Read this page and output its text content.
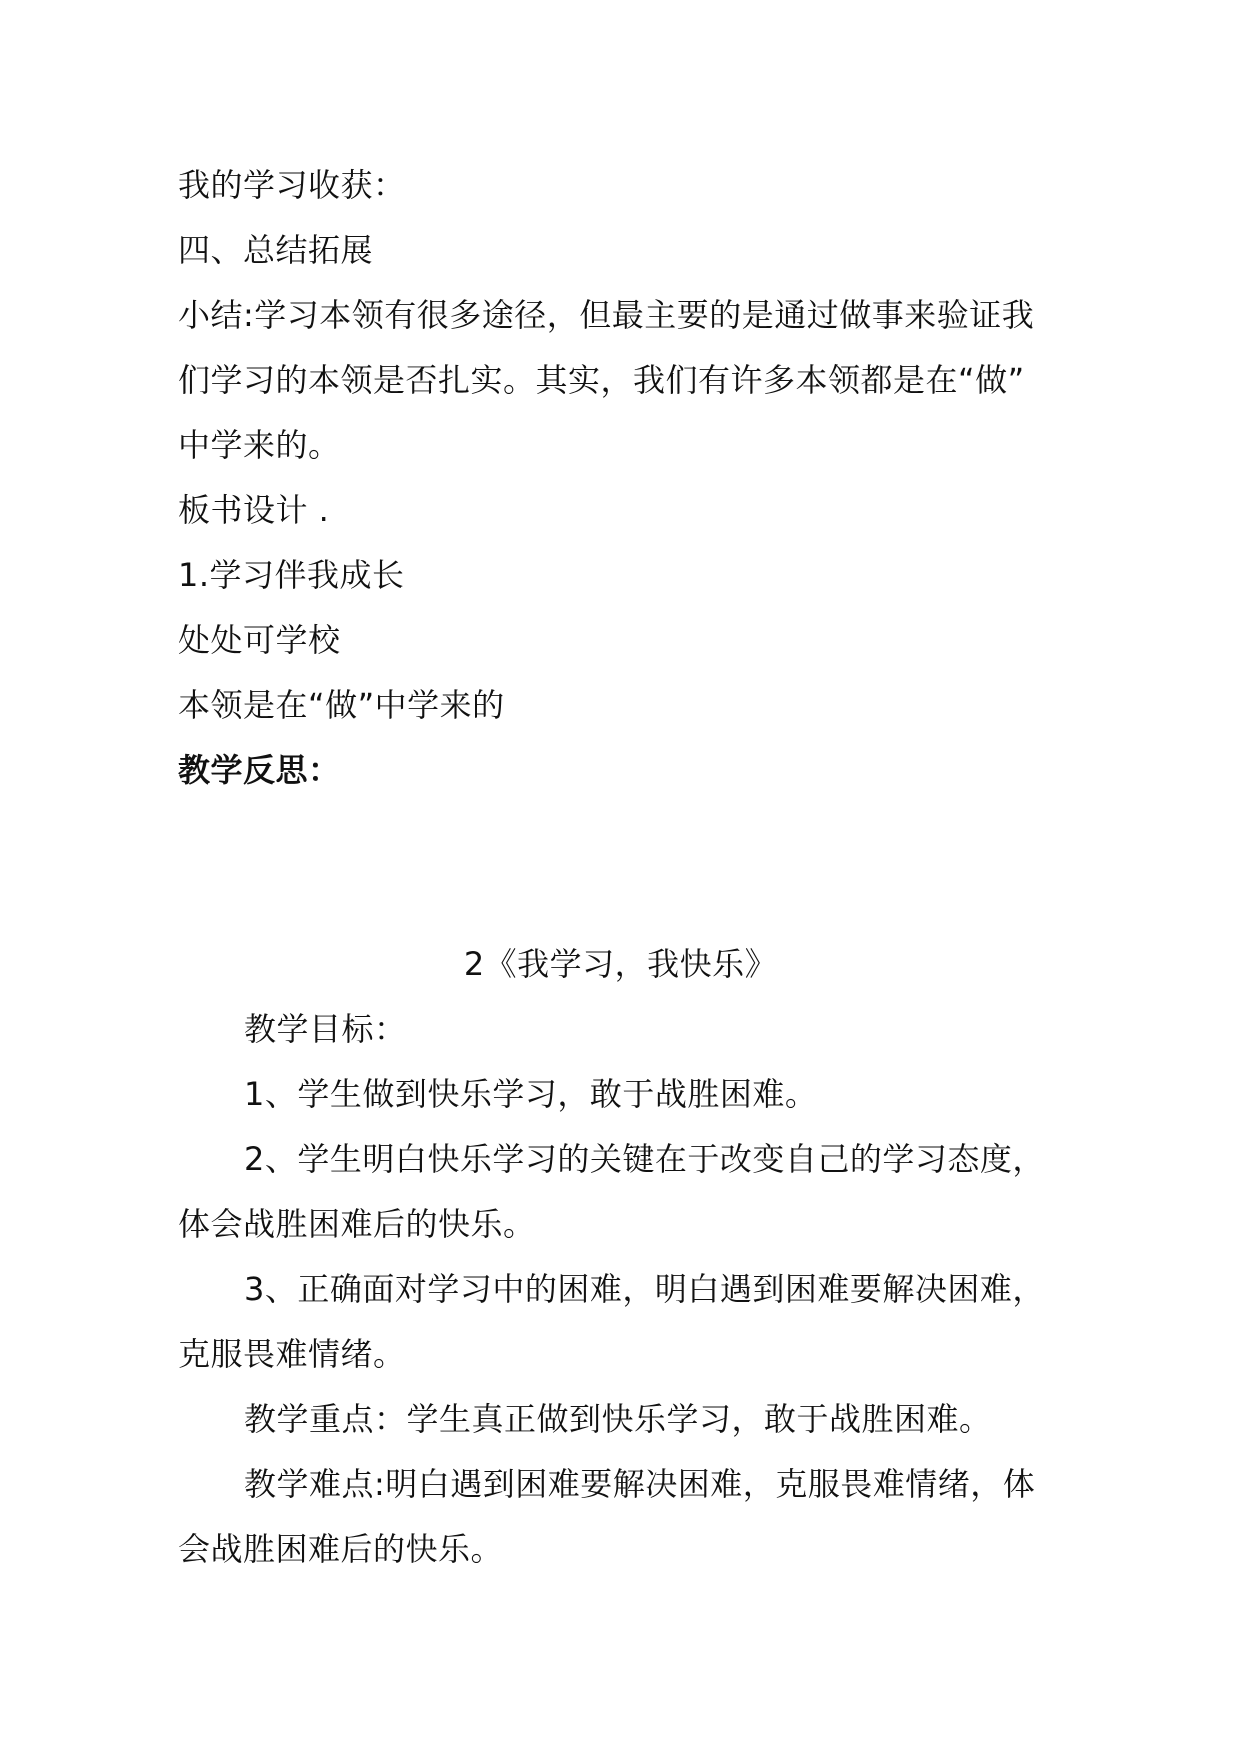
我的学习收获：
四、总结拓展
小结:学习本领有很多途径，但最主要的是通过做事来验证我
们学习的本领是否扎实。其实，我们有许多本领都是在“做”
中学来的。
板书设计 .
1.学习伴我成长
处处可学校
本领是在“做”中学来的
教学反思：
2《我学习，我快乐》
教学目标：
1、学生做到快乐学习，敢于战胜困难。
2、学生明白快乐学习的关键在于改变自己的学习态度，
体会战胜困难后的快乐。
3、正确面对学习中的困难，明白遇到困难要解决困难，
克服畏难情绪。
教学重点：学生真正做到快乐学习，敢于战胜困难。
教学难点:明白遇到困难要解决困难，克服畏难情绪，体
会战胜困难后的快乐。
